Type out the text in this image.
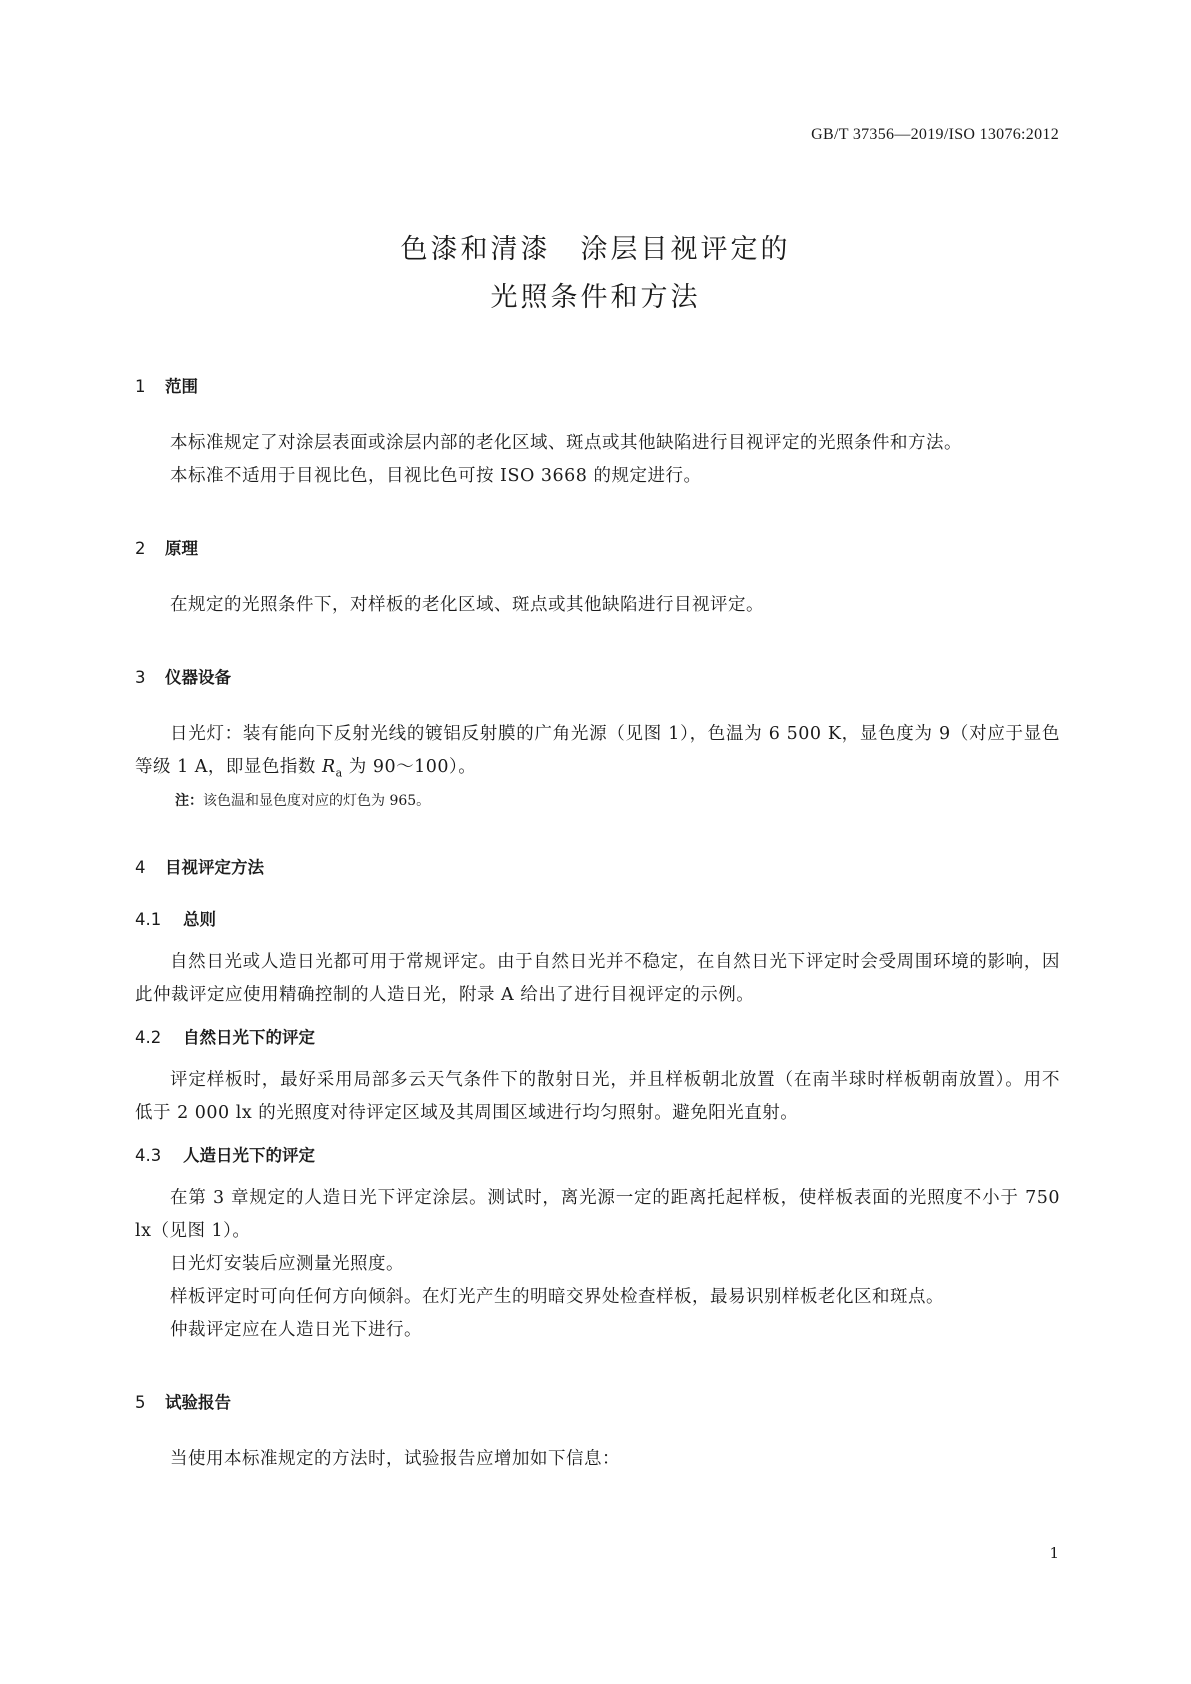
GB/T 37356—2019/ISO 13076:2012
色漆和清漆　涂层目视评定的
光照条件和方法
1 范围

本标准规定了对涂层表面或涂层内部的老化区域、斑点或其他缺陷进行目视评定的光照条件和方法。

本标准不适用于目视比色，目视比色可按 ISO 3668 的规定进行。

2 原理

在规定的光照条件下，对样板的老化区域、斑点或其他缺陷进行目视评定。

3 仪器设备

日光灯：装有能向下反射光线的镀铝反射膜的广角光源（见图 1），色温为 6 500 K，显色度为 9（对应于显色等级 1 A，即显色指数 $R_a$ 为 90～100）。

注：该色温和显色度对应的灯色为 965。

4 目视评定方法
4.1 总则

自然日光或人造日光都可用于常规评定。由于自然日光并不稳定，在自然日光下评定时会受周围环境的影响，因此仲裁评定应使用精确控制的人造日光，附录 A 给出了进行目视评定的示例。

4.2 自然日光下的评定

评定样板时，最好采用局部多云天气条件下的散射日光，并且样板朝北放置（在南半球时样板朝南放置）。用不低于 2 000 lx 的光照度对待评定区域及其周围区域进行均匀照射。避免阳光直射。

4.3 人造日光下的评定

在第 3 章规定的人造日光下评定涂层。测试时，离光源一定的距离托起样板，使样板表面的光照度不小于 750 lx（见图 1）。

日光灯安装后应测量光照度。

样板评定时可向任何方向倾斜。在灯光产生的明暗交界处检查样板，最易识别样板老化区和斑点。

仲裁评定应在人造日光下进行。

5 试验报告

当使用本标准规定的方法时，试验报告应增加如下信息：

1
